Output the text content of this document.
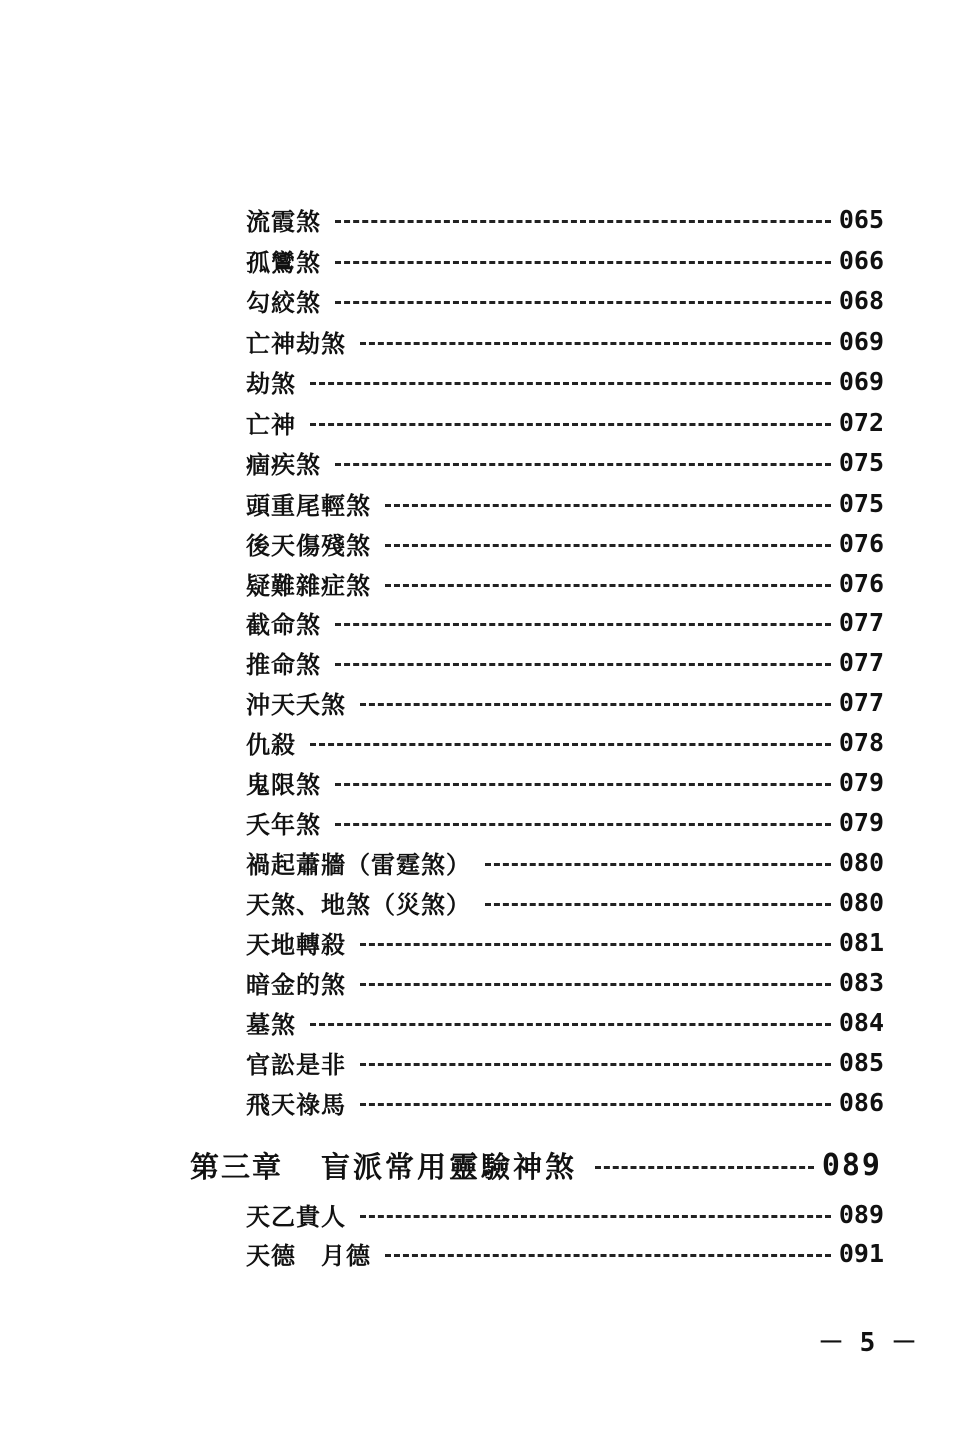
流霞煞	065
孤鸞煞	066
勾絞煞	068
亡神劫煞	069
劫煞	069
亡神	072
痼疾煞	075
頭重尾輕煞	075
後天傷殘煞	076
疑難雜症煞	076
截命煞	077
推命煞	077
沖天夭煞	077
仇殺	078
鬼限煞	079
夭年煞	079
禍起蕭牆（雷霆煞）	080
天煞、地煞（災煞）	080
天地轉殺	081
暗金的煞	083
墓煞	084
官訟是非	085
飛天祿馬	086
第三章 盲派常用靈驗神煞	089
天乙貴人	089
天德　月德	091
－ 5 －
